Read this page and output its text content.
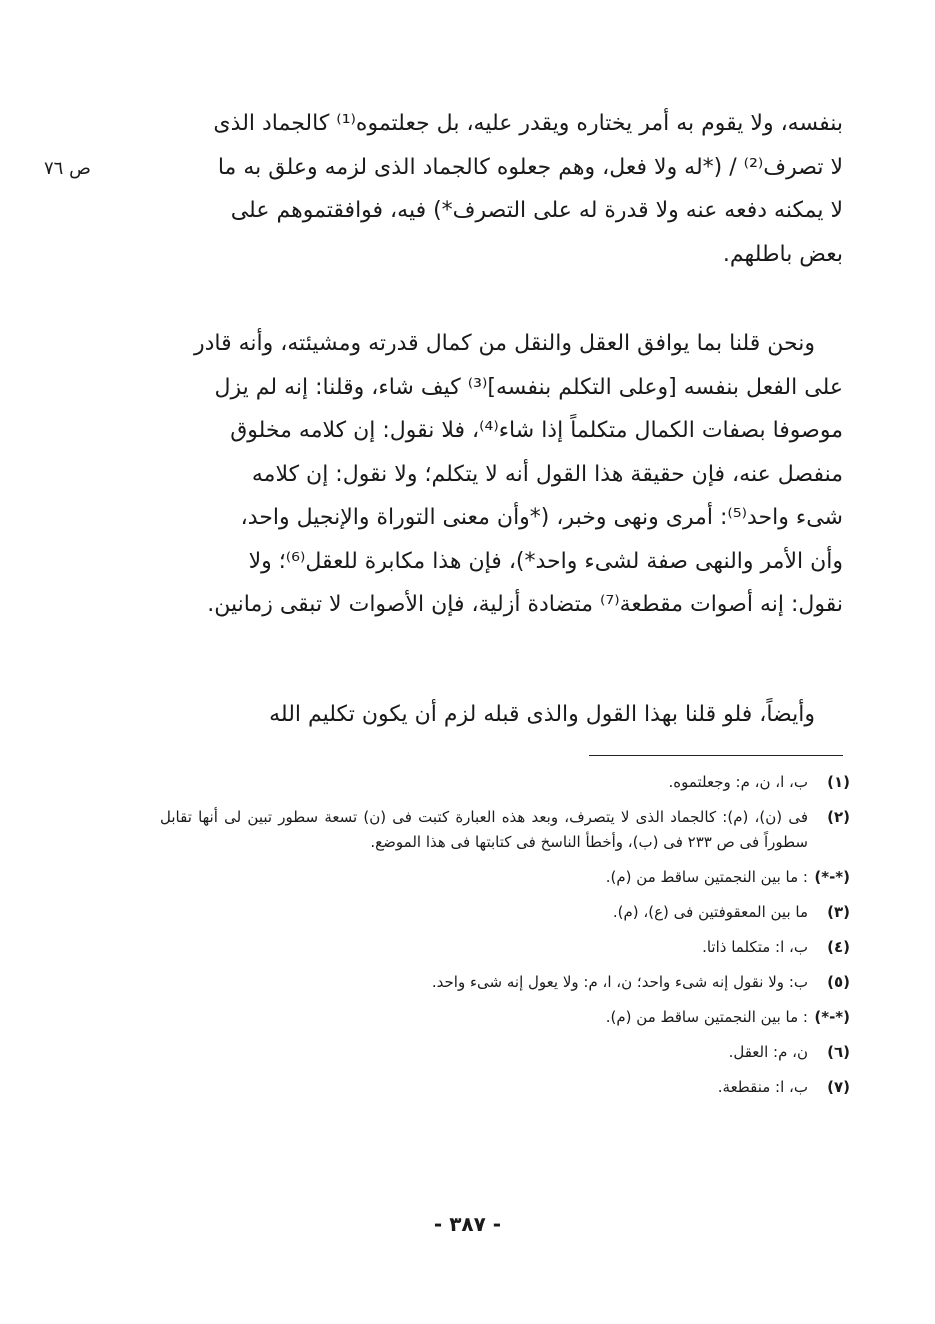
ص ٧٦
بنفسه، ولا يقوم به أمر يختاره ويقدر عليه، بل جعلتموه⁽¹⁾ كالجماد الذى
لا تصرف⁽²⁾ / (*له ولا فعل، وهم جعلوه كالجماد الذى لزمه وعلق به ما
لا يمكنه دفعه عنه ولا قدرة له على التصرف*) فيه، فوافقتموهم على
بعض باطلهم.
ونحن قلنا بما يوافق العقل والنقل من كمال قدرته ومشيئته، وأنه قادر
على الفعل بنفسه [وعلى التكلم بنفسه]⁽³⁾ كيف شاء، وقلنا: إنه لم يزل
موصوفا بصفات الكمال متكلماً إذا شاء⁽⁴⁾، فلا نقول: إن كلامه مخلوق
منفصل عنه، فإن حقيقة هذا القول أنه لا يتكلم؛ ولا نقول: إن كلامه
شىء واحد⁽⁵⁾: أمرى ونهى وخبر، (*وأن معنى التوراة والإنجيل واحد،
وأن الأمر والنهى صفة لشىء واحد*)، فإن هذا مكابرة للعقل⁽⁶⁾؛ ولا
نقول: إنه أصوات مقطعة⁽⁷⁾ متضادة أزلية، فإن الأصوات لا تبقى زمانين.
وأيضاً، فلو قلنا بهذا القول والذى قبله لزم أن يكون تكليم الله
(١)
ب، ا، ن، م: وجعلتموه.
(٢)
فى (ن)، (م): كالجماد الذى لا يتصرف، وبعد هذه العبارة كتبت فى (ن) تسعة سطور تبين لى أنها تقابل سطوراً فى ص ٢٣٣ فى (ب)، وأخطأ الناسخ فى كتابتها فى هذا الموضع.
(*-*)
: ما بين النجمتين ساقط من (م).
(٣)
ما بين المعقوفتين فى (ع)، (م).
(٤)
ب، ا: متكلما ذاتا.
(٥)
ب: ولا نقول إنه شىء واحد؛ ن، ا، م: ولا يعول إنه شىء واحد.
(*-*)
: ما بين النجمتين ساقط من (م).
(٦)
ن، م: العقل.
(٧)
ب، ا: منقطعة.
- ٣٨٧ -
